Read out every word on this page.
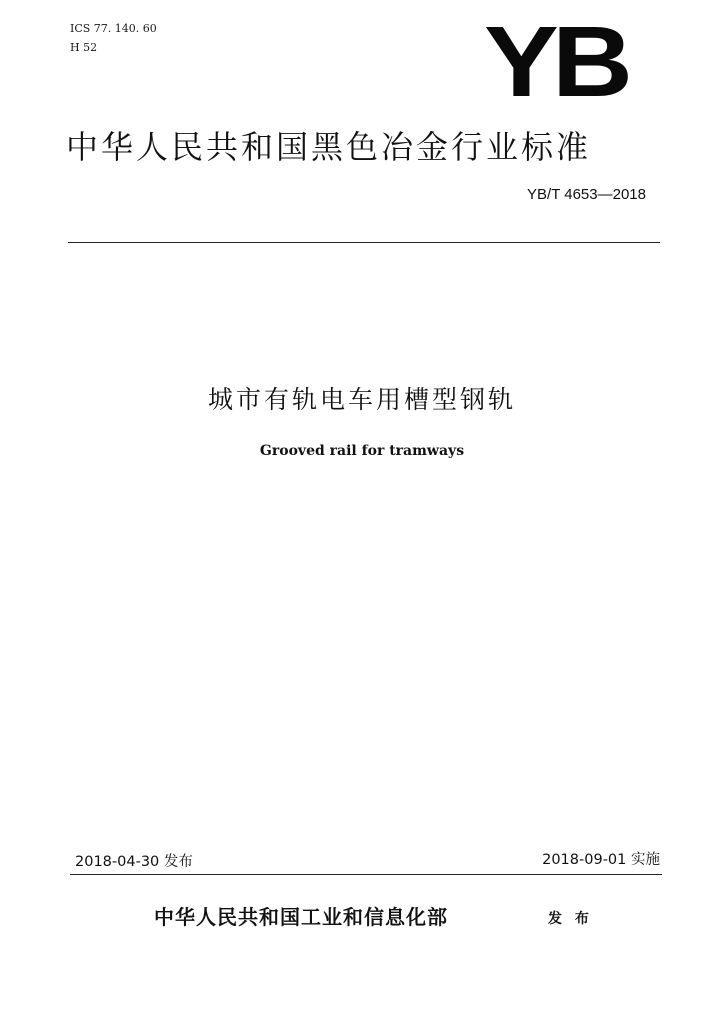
ICS 77. 140. 60
H 52	YB
中华人民共和国黑色冶金行业标准
YB/T 4653—2018
城市有轨电车用槽型钢轨
Grooved rail for tramways
2018-04-30 发布	2018-09-01 实施
中华人民共和国工业和信息化部	发 布
